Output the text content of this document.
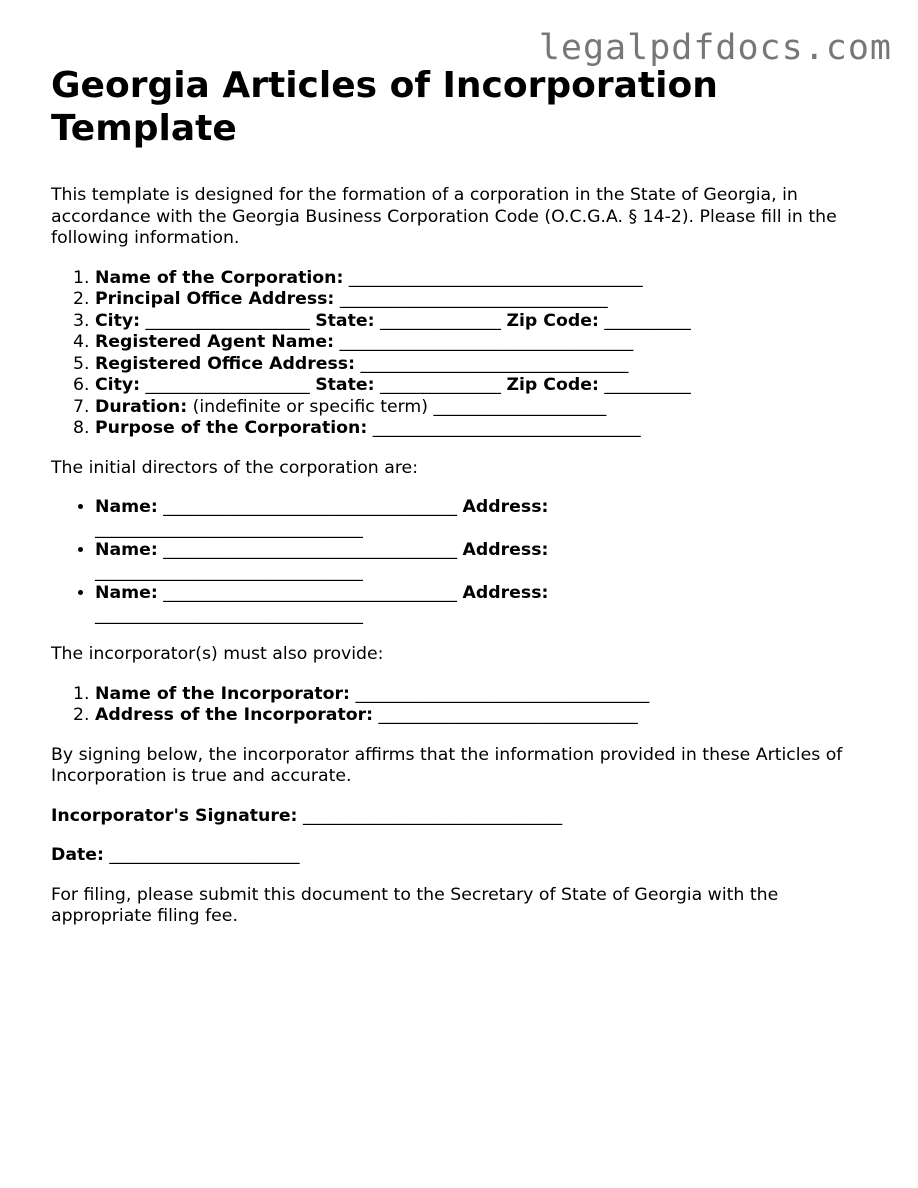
legalpdfdocs.com
Georgia Articles of Incorporation Template

This template is designed for the formation of a corporation in the State of Georgia, in accordance with the Georgia Business Corporation Code (O.C.G.A. § 14-2). Please fill in the following information.

1. Name of the Corporation: __________________________________
2. Principal Office Address: _______________________________
3. City: ___________________ State: ______________ Zip Code: __________
4. Registered Agent Name: __________________________________
5. Registered Office Address: _______________________________
6. City: ___________________ State: ______________ Zip Code: __________
7. Duration: (indefinite or specific term) ____________________
8. Purpose of the Corporation: _______________________________

The initial directors of the corporation are:

• Name: __________________________________ Address: _______________________________
• Name: __________________________________ Address: _______________________________
• Name: __________________________________ Address: _______________________________

The incorporator(s) must also provide:

1. Name of the Incorporator: __________________________________
2. Address of the Incorporator: ______________________________

By signing below, the incorporator affirms that the information provided in these Articles of Incorporation is true and accurate.

Incorporator's Signature: ______________________________

Date: ______________________

For filing, please submit this document to the Secretary of State of Georgia with the appropriate filing fee.
